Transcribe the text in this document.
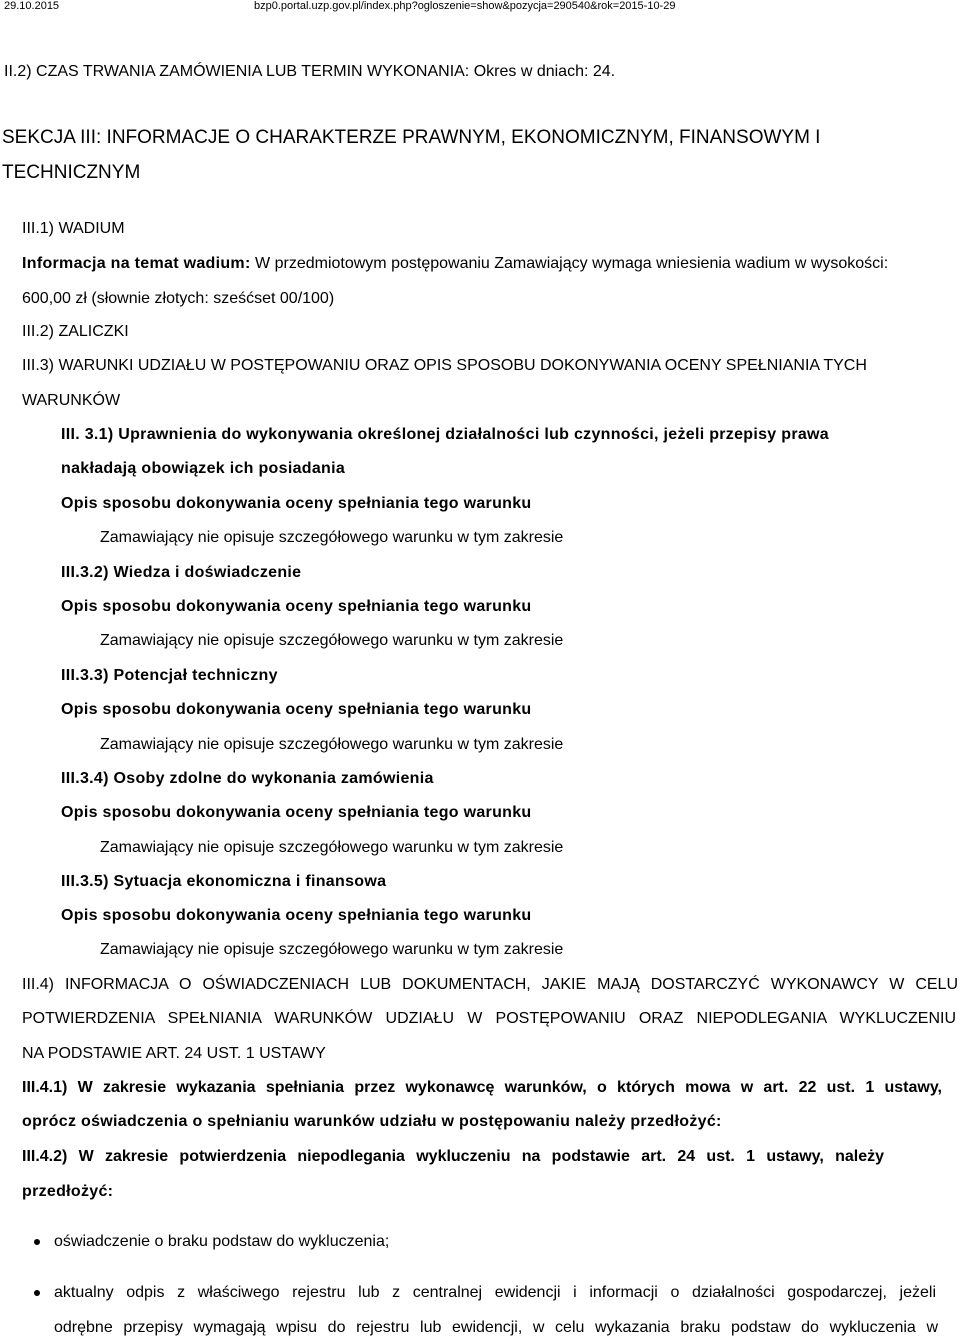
29.10.2015	bzp0.portal.uzp.gov.pl/index.php?ogloszenie=show&pozycja=290540&rok=2015-10-29
II.2) CZAS TRWANIA ZAMÓWIENIA LUB TERMIN WYKONANIA: Okres w dniach: 24.
SEKCJA III: INFORMACJE O CHARAKTERZE PRAWNYM, EKONOMICZNYM, FINANSOWYM I
TECHNICZNYM
III.1) WADIUM
Informacja na temat wadium: W przedmiotowym postępowaniu Zamawiający wymaga wniesienia wadium w wysokości:
600,00 zł (słownie złotych: sześćset 00/100)
III.2) ZALICZKI
III.3) WARUNKI UDZIAŁU W POSTĘPOWANIU ORAZ OPIS SPOSOBU DOKONYWANIA OCENY SPEŁNIANIA TYCH
WARUNKÓW
III. 3.1) Uprawnienia do wykonywania określonej działalności lub czynności, jeżeli przepisy prawa
nakładają obowiązek ich posiadania
Opis sposobu dokonywania oceny spełniania tego warunku
Zamawiający nie opisuje szczegółowego warunku w tym zakresie
III.3.2) Wiedza i doświadczenie
Opis sposobu dokonywania oceny spełniania tego warunku
Zamawiający nie opisuje szczegółowego warunku w tym zakresie
III.3.3) Potencjał techniczny
Opis sposobu dokonywania oceny spełniania tego warunku
Zamawiający nie opisuje szczegółowego warunku w tym zakresie
III.3.4) Osoby zdolne do wykonania zamówienia
Opis sposobu dokonywania oceny spełniania tego warunku
Zamawiający nie opisuje szczegółowego warunku w tym zakresie
III.3.5) Sytuacja ekonomiczna i finansowa
Opis sposobu dokonywania oceny spełniania tego warunku
Zamawiający nie opisuje szczegółowego warunku w tym zakresie
III.4) INFORMACJA O OŚWIADCZENIACH LUB DOKUMENTACH, JAKIE MAJĄ DOSTARCZYĆ WYKONAWCY W CELU
POTWIERDZENIA SPEŁNIANIA WARUNKÓW UDZIAŁU W POSTĘPOWANIU ORAZ NIEPODLEGANIA WYKLUCZENIU
NA PODSTAWIE ART. 24 UST. 1 USTAWY
III.4.1) W zakresie wykazania spełniania przez wykonawcę warunków, o których mowa w art. 22 ust. 1 ustawy,
oprócz oświadczenia o spełnianiu warunków udziału w postępowaniu należy przedłożyć:
III.4.2) W zakresie potwierdzenia niepodlegania wykluczeniu na podstawie art. 24 ust. 1 ustawy, należy
przedłożyć:
oświadczenie o braku podstaw do wykluczenia;
aktualny odpis z właściwego rejestru lub z centralnej ewidencji i informacji o działalności gospodarczej, jeżeli
odrębne przepisy wymagają wpisu do rejestru lub ewidencji, w celu wykazania braku podstaw do wykluczenia w
